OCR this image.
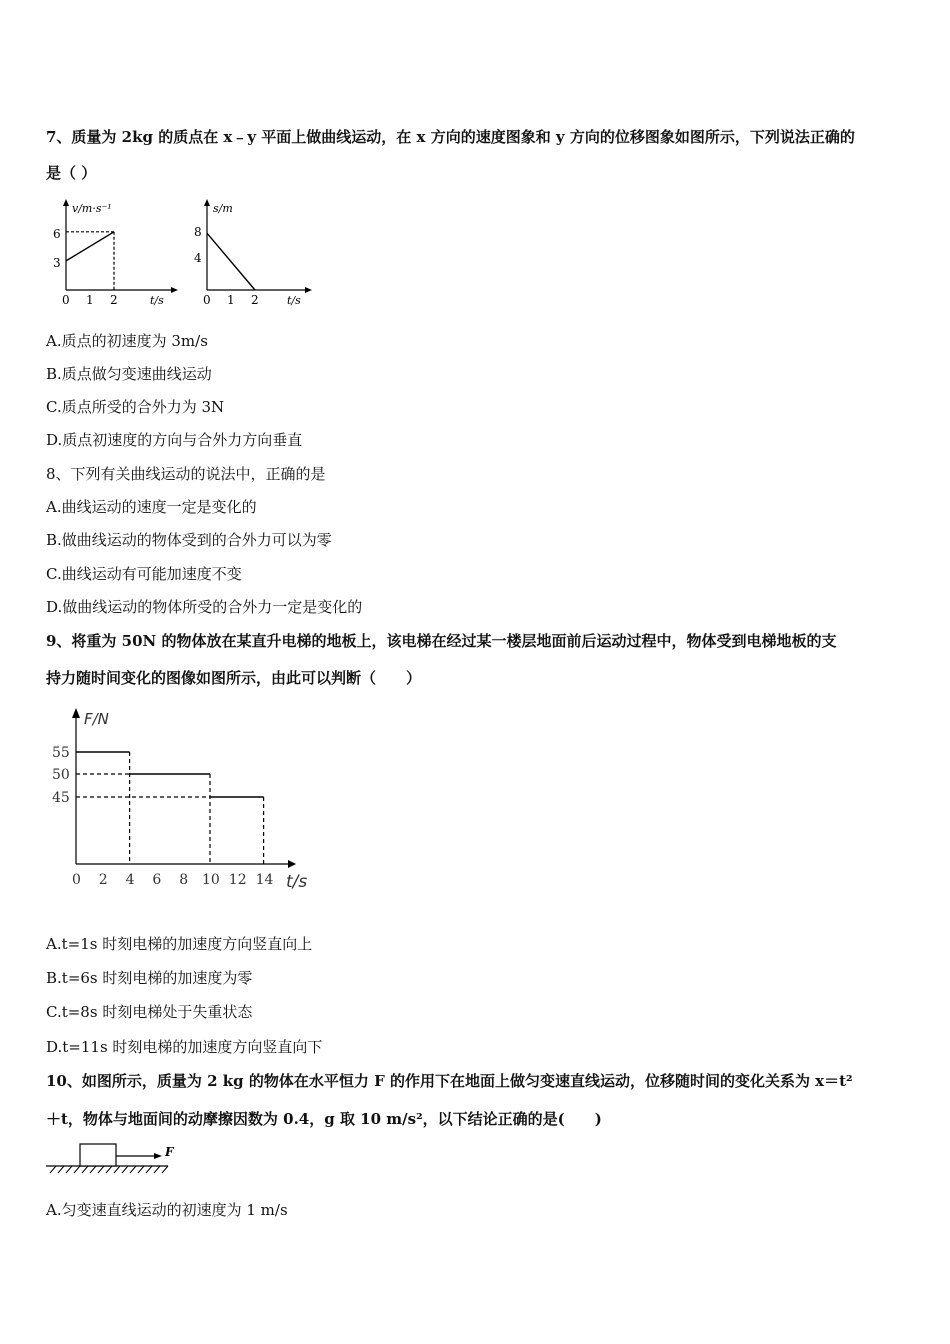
7、质量为 2kg 的质点在 x﹣y 平面上做曲线运动，在 x 方向的速度图象和 y 方向的位移图象如图所示，下列说法正确的
是（ ）
v/m·s⁻¹
t/s
0 1 2
3
6
s/m
t/s
0 1 2
4
8
A.质点的初速度为 3m/s
B.质点做匀变速曲线运动
C.质点所受的合外力为 3N
D.质点初速度的方向与合外力方向垂直
8、下列有关曲线运动的说法中，正确的是
A.曲线运动的速度一定是变化的
B.做曲线运动的物体受到的合外力可以为零
C.曲线运动有可能加速度不变
D.做曲线运动的物体所受的合外力一定是变化的
9、将重为 50N 的物体放在某直升电梯的地板上，该电梯在经过某一楼层地面前后运动过程中，物体受到电梯地板的支
持力随时间变化的图像如图所示，由此可以判断（　　）
F/N
t/s
0 2 4 6 8 10 12 14
45
50
55
A.t=1s 时刻电梯的加速度方向竖直向上
B.t=6s 时刻电梯的加速度为零
C.t=8s 时刻电梯处于失重状态
D.t=11s 时刻电梯的加速度方向竖直向下
10、如图所示，质量为 2 kg 的物体在水平恒力 F 的作用下在地面上做匀变速直线运动，位移随时间的变化关系为 x＝t²
＋t，物体与地面间的动摩擦因数为 0.4，g 取 10 m/s²，以下结论正确的是(　　)
F
A.匀变速直线运动的初速度为 1 m/s
